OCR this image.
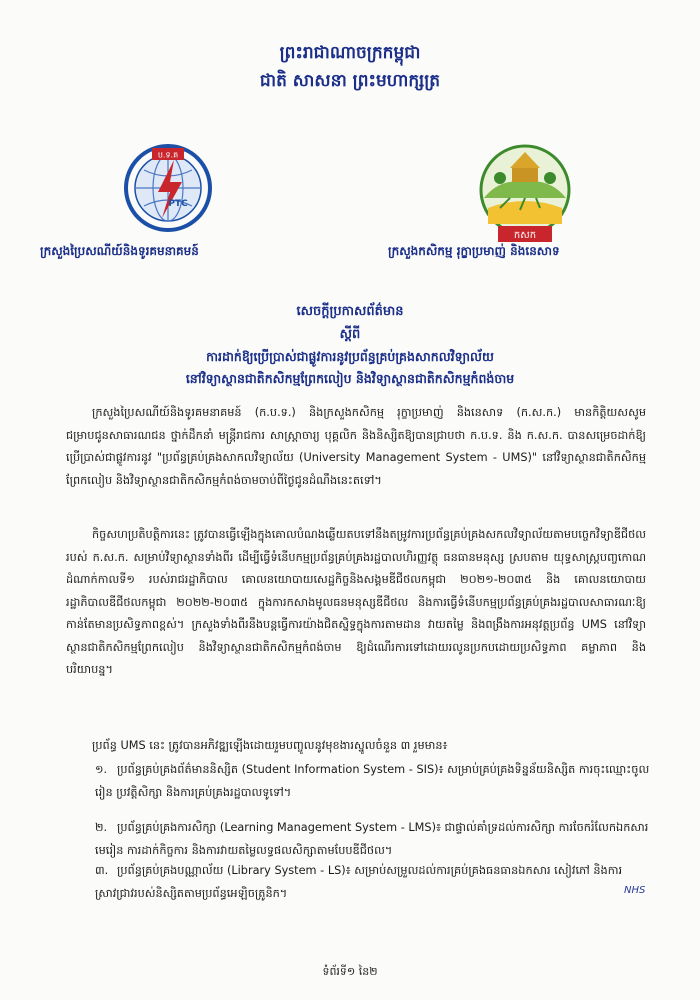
ព្រះរាជាណាចក្រកម្ពុជា
ជាតិ សាសនា ព្រះមហាក្សត្រ
ប.ទ.គ
PTC
កសក
ក្រសួងប្រៃសណីយ៍និងទូរគមនាគមន៍	ក្រសួងកសិកម្ម រុក្ខាប្រមាញ់ និងនេសាទ
សេចក្តីប្រកាសព័ត៌មាន
ស្តីពី
ការដាក់ឱ្យប្រើប្រាស់ជាផ្លូវការនូវប្រព័ន្ធគ្រប់គ្រងសាកលវិទ្យាល័យ
នៅវិទ្យាស្ថានជាតិកសិកម្មព្រែកលៀប និងវិទ្យាស្ថានជាតិកសិកម្មកំពង់ចាម
ក្រសួងប្រៃសណីយ៍និងទូរគមនាគមន៍ (ក.ប.ទ.) និងក្រសួងកសិកម្ម រុក្ខាប្រមាញ់ និងនេសាទ (ក.ស.ក.) មានកិត្តិយសសូមជម្រាបជូនសាធារណជន ថ្នាក់ដឹកនាំ មន្ត្រីរាជការ សាស្ត្រាចារ្យ បុគ្គលិក និងនិស្សិតឱ្យបានជ្រាបថា ក.ប.ទ. និង ក.ស.ក. បានសម្រេចដាក់ឱ្យប្រើប្រាស់ជាផ្លូវការនូវ "ប្រព័ន្ធគ្រប់គ្រងសាកលវិទ្យាល័យ (University Management System - UMS)" នៅវិទ្យាស្ថានជាតិកសិកម្មព្រែកលៀប និងវិទ្យាស្ថានជាតិកសិកម្មកំពង់ចាមចាប់ពីថ្ងៃជូនដំណឹងនេះតទៅ។
កិច្ចសហប្រតិបត្តិការនេះ ត្រូវបានធ្វើឡើងក្នុងគោលបំណងឆ្លើយតបទៅនឹងតម្រូវការប្រព័ន្ធគ្រប់គ្រងសកលវិទ្យាល័យតាមបច្ចេកវិទ្យាឌីជីថលរបស់ ក.ស.ក. សម្រាប់វិទ្យាស្ថានទាំងពីរ ដើម្បីធ្វើទំនើបកម្មប្រព័ន្ធគ្រប់គ្រងរដ្ឋបាលហិរញ្ញវត្ថុ ធនធានមនុស្ស ស្របតាម យុទ្ធសាស្ត្របញ្ចកោណ ដំណាក់កាលទី១ របស់រាជរដ្ឋាភិបាល គោលនយោបាយសេដ្ឋកិច្ចនិងសង្គមឌីជីថលកម្ពុជា ២០២១-២០៣៥ និង គោលនយោបាយរដ្ឋាភិបាលឌីជីថលកម្ពុជា ២០២២-២០៣៥ ក្នុងការកសាងមូលធនមនុស្សឌីជីថល និងការធ្វើទំនើបកម្មប្រព័ន្ធគ្រប់គ្រងរដ្ឋបាលសាធារណៈឱ្យកាន់តែមានប្រសិទ្ធភាពខ្ពស់។ ក្រសួងទាំងពីរនឹងបន្តធ្វើការយ៉ាងជិតស្និទ្ធក្នុងការតាមដាន វាយតម្លៃ និងពង្រឹងការអនុវត្តប្រព័ន្ធ UMS នៅវិទ្យាស្ថានជាតិកសិកម្មព្រែកលៀប និងវិទ្យាស្ថានជាតិកសិកម្មកំពង់ចាម ឱ្យដំណើរការទៅដោយរលូនប្រកបដោយប្រសិទ្ធភាព គម្លាភាព និងបរិយាបន្ន។
ប្រព័ន្ធ UMS នេះ ត្រូវបានអភិវឌ្ឍឡើងដោយរួមបញ្ចូលនូវមុខងារស្នូលចំនួន ៣ រួមមាន៖
១. ប្រព័ន្ធគ្រប់គ្រងព័ត៌មាននិស្សិត (Student Information System - SIS)៖ សម្រាប់គ្រប់គ្រងទិន្នន័យនិស្សិត ការចុះឈ្មោះចូលរៀន ប្រវត្តិសិក្សា និងការគ្រប់គ្រងរដ្ឋបាលទូទៅ។
២. ប្រព័ន្ធគ្រប់គ្រងការសិក្សា (Learning Management System - LMS)៖ ជាផ្ទាល់គាំទ្រដល់ការសិក្សា ការចែករំលែកឯកសារមេរៀន ការដាក់កិច្ចការ និងការវាយតម្លៃលទ្ធផលសិក្សាតាមបែបឌីជីថល។
៣. ប្រព័ន្ធគ្រប់គ្រងបណ្ណាល័យ (Library System - LS)៖ សម្រាប់សម្រួលដល់ការគ្រប់គ្រងធនធានឯកសារ សៀវភៅ និងការស្រាវជ្រាវរបស់និស្សិតតាមប្រព័ន្ធអេឡិចត្រូនិក។	NHS
ទំព័រទី១ នៃ២
